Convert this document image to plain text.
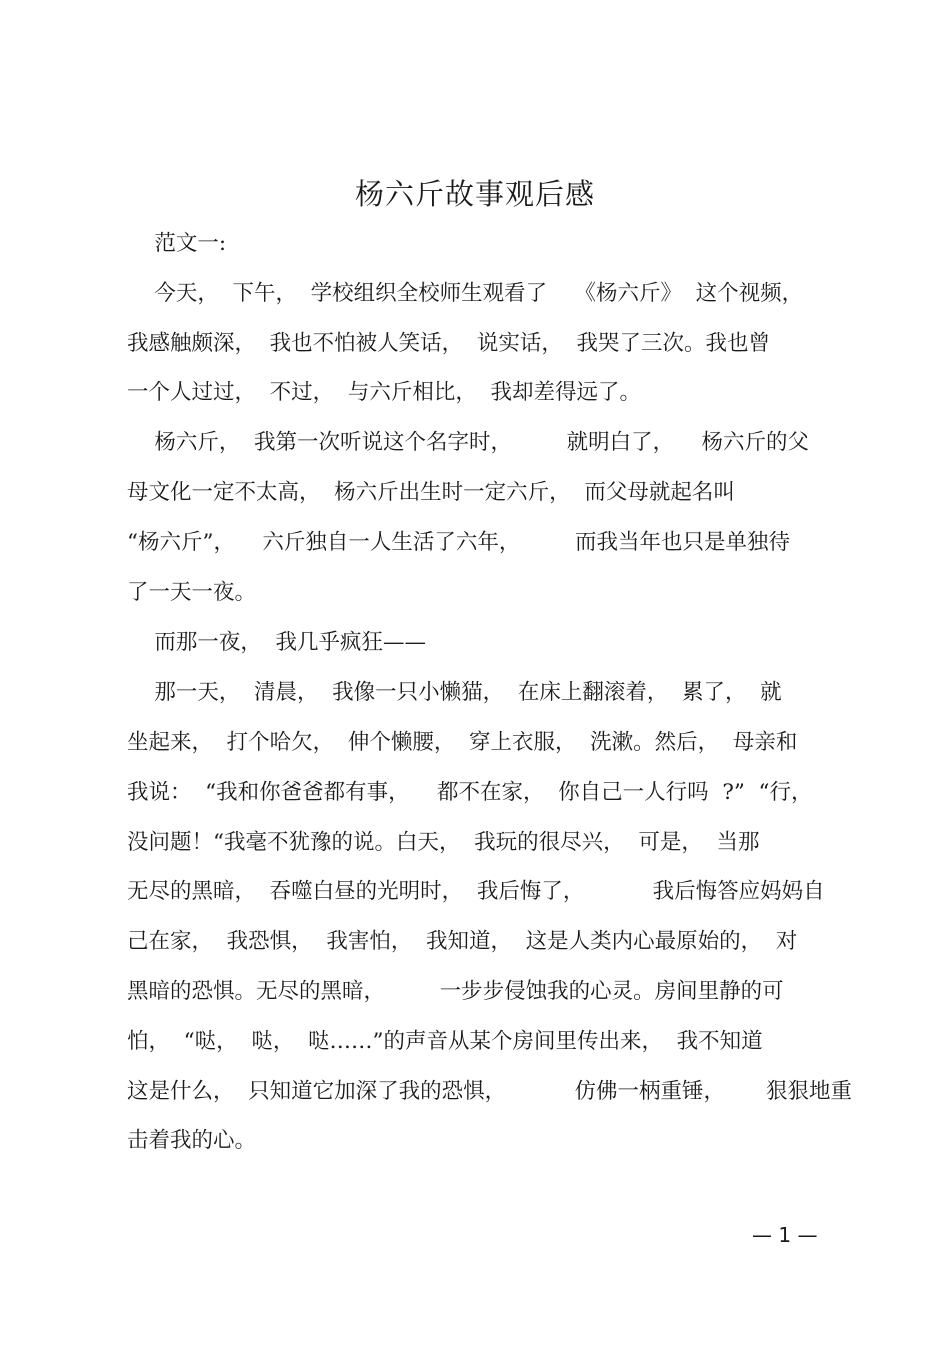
杨六斤故事观后感

范文一:

今天，  下午，  学校组织全校师生观看了    《杨六斤》  这个视频，

我感触颇深，  我也不怕被人笑话，  说实话，  我哭了三次。我也曾

一个人过过，  不过，  与六斤相比，  我却差得远了。

杨六斤，  我第一次听说这个名字时，        就明白了，    杨六斤的父

母文化一定不太高，  杨六斤出生时一定六斤，  而父母就起名叫

“杨六斤”，    六斤独自一人生活了六年，        而我当年也只是单独待

了一天一夜。

而那一夜，  我几乎疯狂——

那一天，  清晨，  我像一只小懒猫，  在床上翻滚着，  累了，  就

坐起来，  打个哈欠，  伸个懒腰，  穿上衣服，  洗漱。然后，  母亲和

我说：  “我和你爸爸都有事，    都不在家，  你自己一人行吗  ?”  “行，

没问题！“我毫不犹豫的说。白天，  我玩的很尽兴，  可是，  当那

无尽的黑暗，  吞噬白昼的光明时，  我后悔了，          我后悔答应妈妈自

己在家，  我恐惧，  我害怕，  我知道，  这是人类内心最原始的，  对

黑暗的恐惧。无尽的黑暗，        一步步侵蚀我的心灵。房间里静的可

怕，  “哒，  哒，  哒……”的声音从某个房间里传出来，  我不知道

这是什么，  只知道它加深了我的恐惧，          仿佛一柄重锤，      狠狠地重

击着我的心。

— 1 —
